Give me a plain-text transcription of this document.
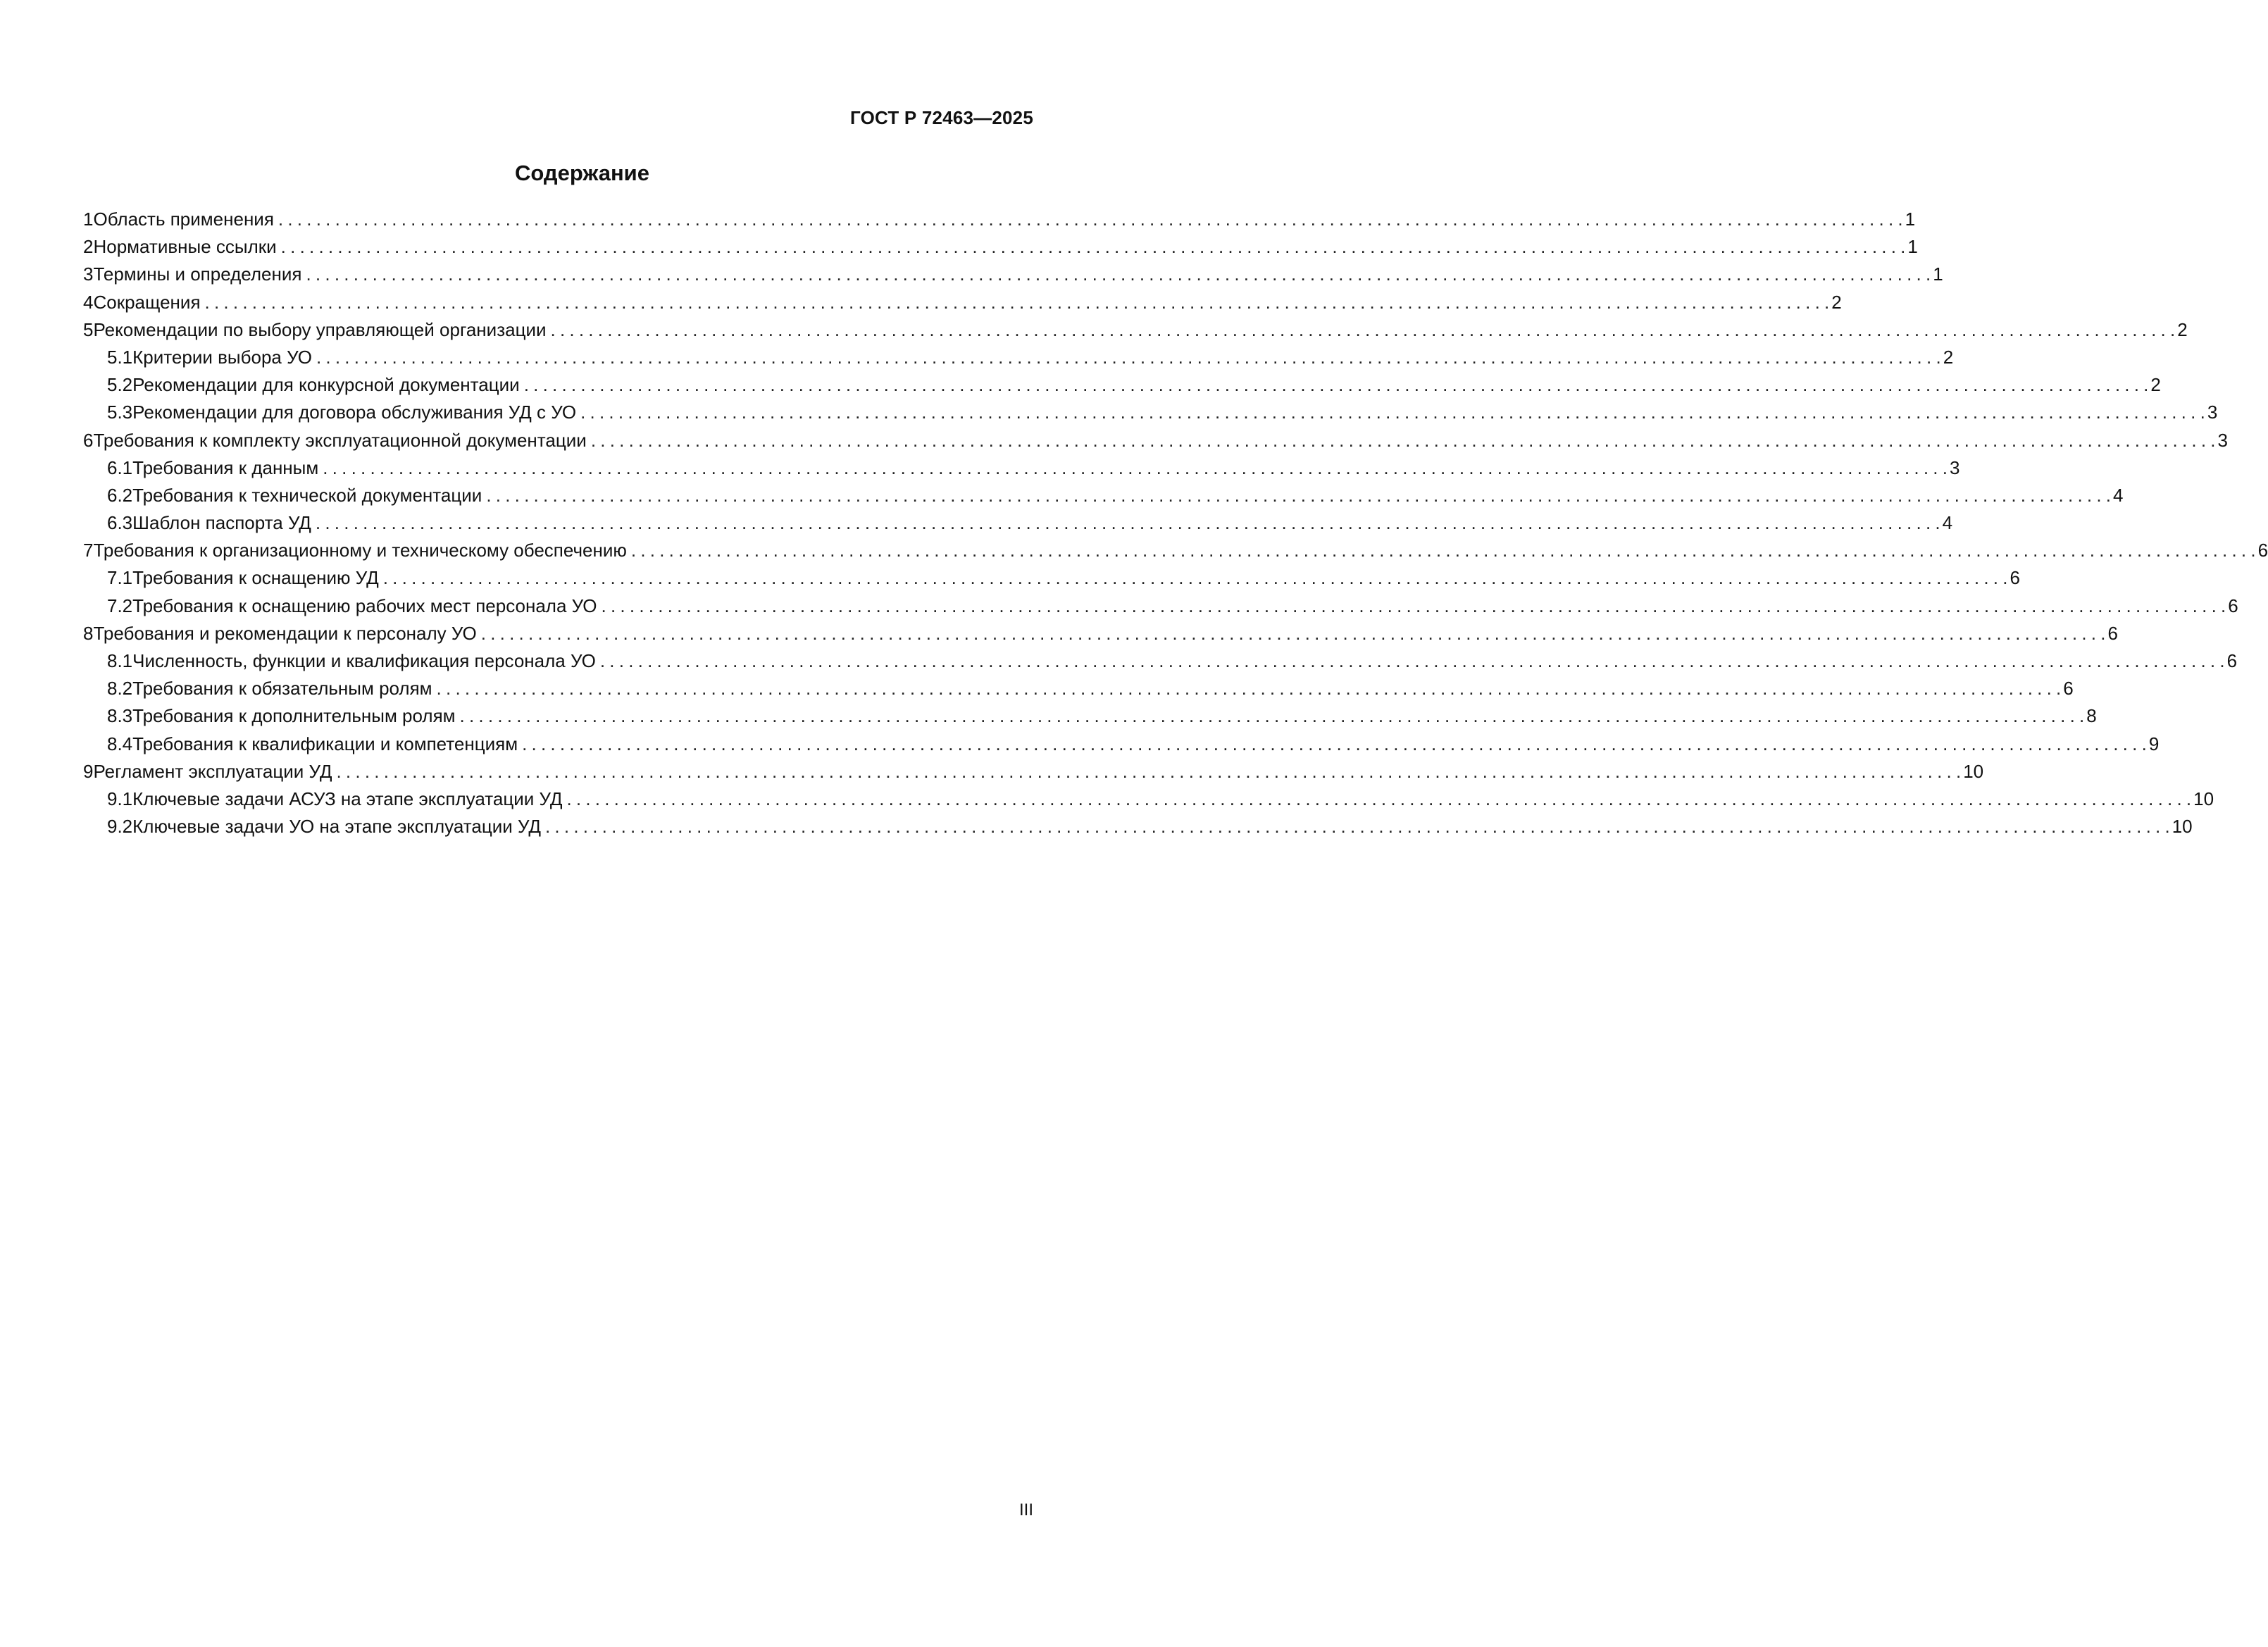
ГОСТ Р 72463—2025
Содержание
1 Область применения . . .	1
2 Нормативные ссылки . . .	1
3 Термины и определения . . .	1
4 Сокращения . . .	2
5 Рекомендации по выбору управляющей организации . . .	2
5.1 Критерии выбора УО . . .	2
5.2 Рекомендации для конкурсной документации . . .	2
5.3 Рекомендации для договора обслуживания УД с УО . . .	3
6 Требования к комплекту эксплуатационной документации . . .	3
6.1 Требования к данным . . .	3
6.2 Требования к технической документации . . .	4
6.3 Шаблон паспорта УД . . .	4
7 Требования к организационному и техническому обеспечению . . .	6
7.1 Требования к оснащению УД . . .	6
7.2 Требования к оснащению рабочих мест персонала УО . . .	6
8 Требования и рекомендации к персоналу УО . . .	6
8.1 Численность, функции и квалификация персонала УО . . .	6
8.2 Требования к обязательным ролям . . .	6
8.3 Требования к дополнительным ролям . . .	8
8.4 Требования к квалификации и компетенциям . . .	9
9 Регламент эксплуатации УД . . .	10
9.1 Ключевые задачи АСУЗ на этапе эксплуатации УД . . .	10
9.2 Ключевые задачи УО на этапе эксплуатации УД . . .	10
III
